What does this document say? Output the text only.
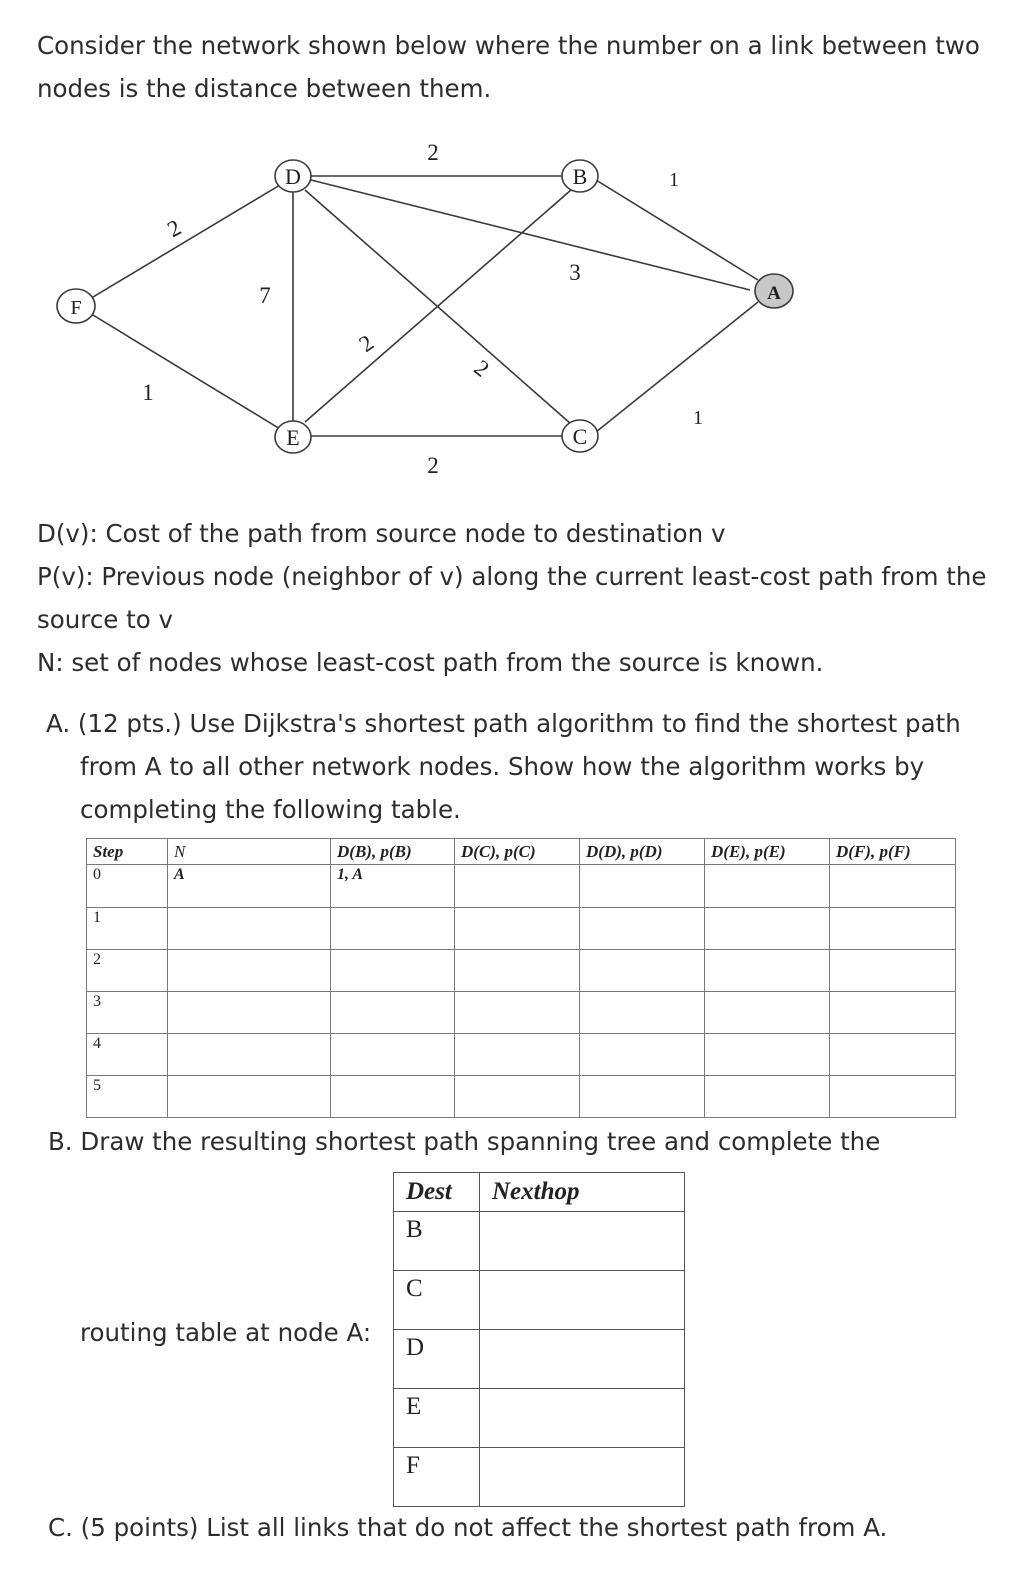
Consider the network shown below where the number on a link between two nodes is the distance between them.

D	B
F
E	C
A
2
1
7
2
3
2
2
1
1
2
D(v): Cost of the path from source node to destination v
P(v): Previous node (neighbor of v) along the current least-cost path from the source to v
N: set of nodes whose least-cost path from the source is known.
A. (12 pts.) Use Dijkstra's shortest path algorithm to find the shortest path from A to all other network nodes. Show how the algorithm works by completing the following table.
Step	N	D(B), p(B)	D(C), p(C)	D(D), p(D)	D(E), p(E)	D(F), p(F)
0	A	1, A				
1						
2						
3						
4						
5						
B. Draw the resulting shortest path spanning tree and complete the
routing table at node A:
Dest	Nexthop
B	
C	
D	
E	
F	
C. (5 points) List all links that do not affect the shortest path from A.
